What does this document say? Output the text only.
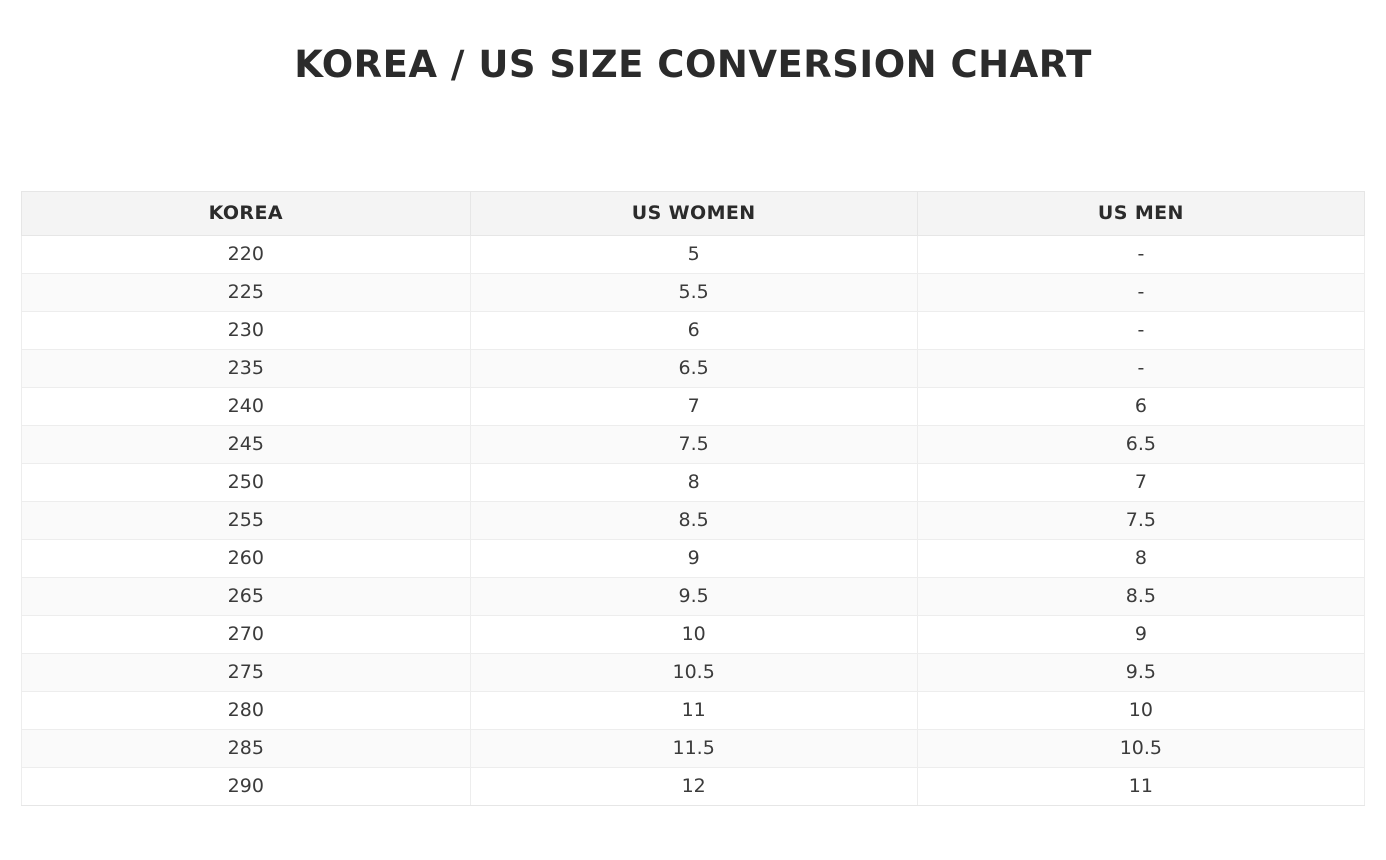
KOREA / US SIZE CONVERSION CHART
KOREA	US WOMEN	US MEN
220	5	-
225	5.5	-
230	6	-
235	6.5	-
240	7	6
245	7.5	6.5
250	8	7
255	8.5	7.5
260	9	8
265	9.5	8.5
270	10	9
275	10.5	9.5
280	11	10
285	11.5	10.5
290	12	11
